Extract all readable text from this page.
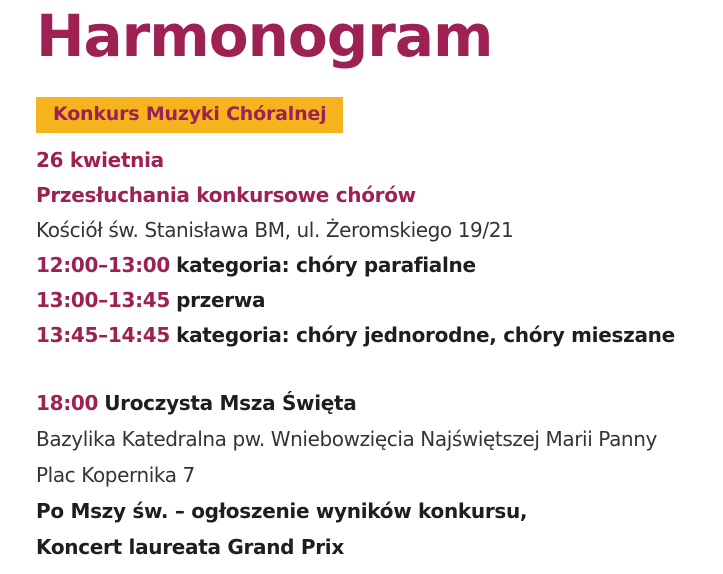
Harmonogram
Konkurs Muzyki Chóralnej
26 kwietnia
Przesłuchania konkursowe chórów
Kościół św. Stanisława BM, ul. Żeromskiego 19/21
12:00–13:00 kategoria: chóry parafialne
13:00–13:45 przerwa
13:45–14:45 kategoria: chóry jednorodne, chóry mieszane
18:00 Uroczysta Msza Święta
Bazylika Katedralna pw. Wniebowzięcia Najświętszej Marii Panny
Plac Kopernika 7
Po Mszy św. – ogłoszenie wyników konkursu,
Koncert laureata Grand Prix
